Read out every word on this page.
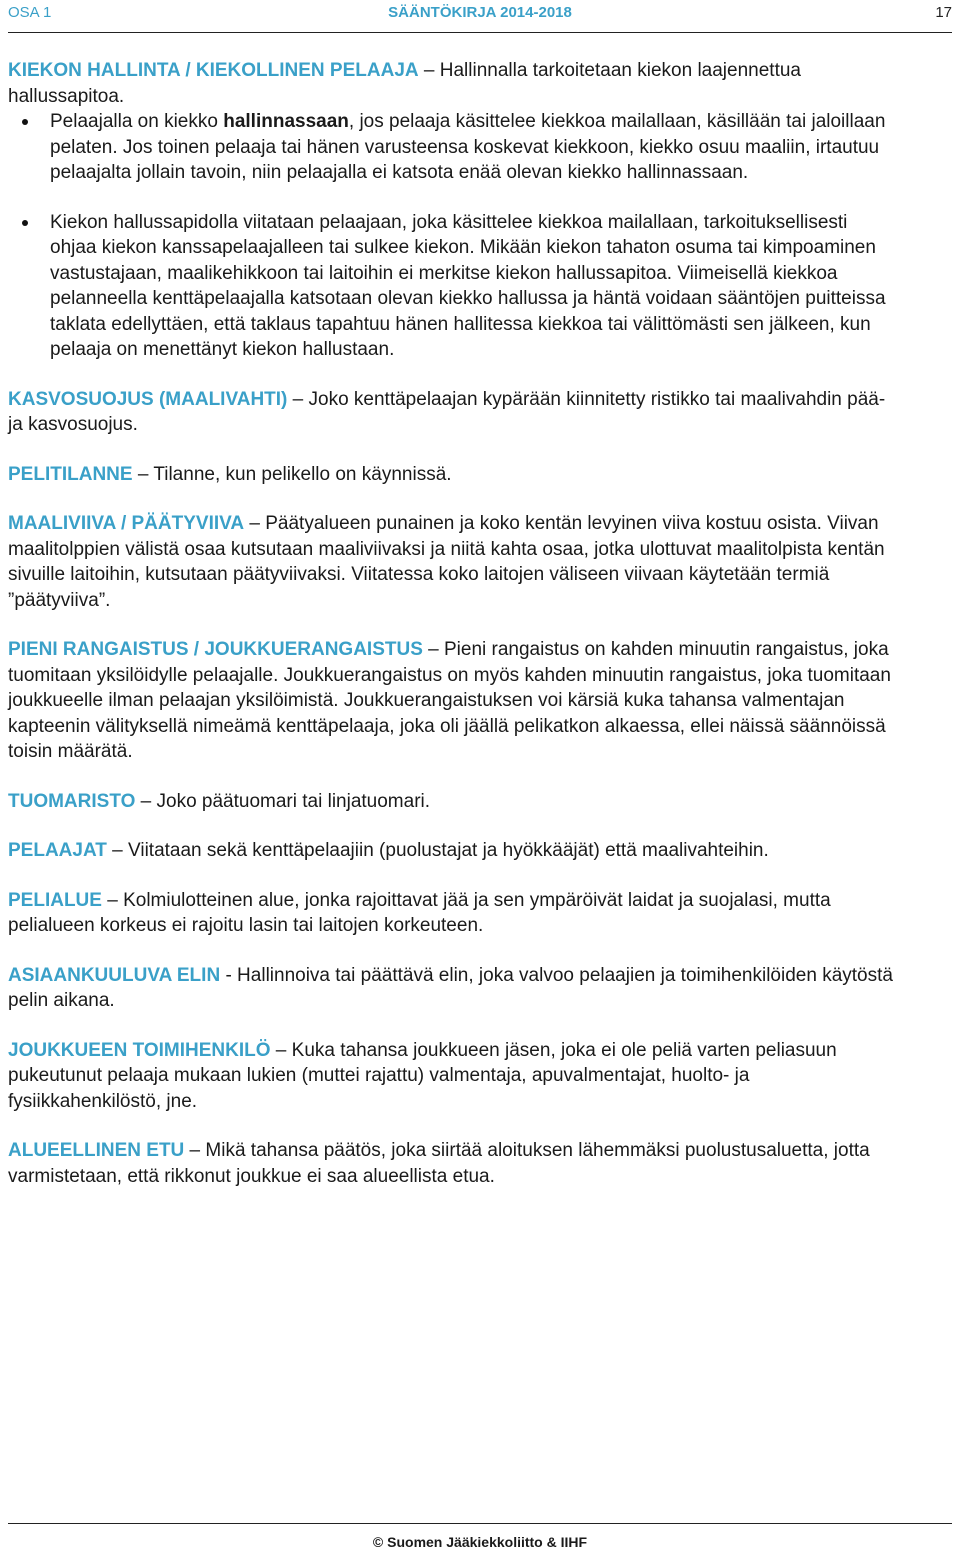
OSA 1	SÄÄNTÖKIRJA 2014-2018	17

KIEKON HALLINTA / KIEKOLLINEN PELAAJA – Hallinnalla tarkoitetaan kiekon laajennettua hallussapitoa.

Pelaajalla on kiekko hallinnassaan, jos pelaaja käsittelee kiekkoa mailallaan, käsillään tai jaloillaan pelaten. Jos toinen pelaaja tai hänen varusteensa koskevat kiekkoon, kiekko osuu maaliin, irtautuu pelaajalta jollain tavoin, niin pelaajalla ei katsota enää olevan kiekko hallinnassaan.
Kiekon hallussapidolla viitataan pelaajaan, joka käsittelee kiekkoa mailallaan, tarkoituksellisesti ohjaa kiekon kanssapelaajalleen tai sulkee kiekon. Mikään kiekon tahaton osuma tai kimpoaminen vastustajaan, maalikehikkoon tai laitoihin ei merkitse kiekon hallussapitoa. Viimeisellä kiekkoa pelanneella kenttäpelaajalla katsotaan olevan kiekko hallussa ja häntä voidaan sääntöjen puitteissa taklata edellyttäen, että taklaus tapahtuu hänen hallitessa kiekkoa tai välittömästi sen jälkeen, kun pelaaja on menettänyt kiekon hallustaan.

KASVOSUOJUS (MAALIVAHTI) – Joko kenttäpelaajan kypärään kiinnitetty ristikko tai maalivahdin pää- ja kasvosuojus.

PELITILANNE – Tilanne, kun pelikello on käynnissä.

MAALIVIIVA / PÄÄTYVIIVA – Päätyalueen punainen ja koko kentän levyinen viiva kostuu osista. Viivan maalitolppien välistä osaa kutsutaan maaliviivaksi ja niitä kahta osaa, jotka ulottuvat maalitolpista kentän sivuille laitoihin, kutsutaan päätyviivaksi. Viitatessa koko laitojen väliseen viivaan käytetään termiä ”päätyviiva”.

PIENI RANGAISTUS / JOUKKUERANGAISTUS – Pieni rangaistus on kahden minuutin rangaistus, joka tuomitaan yksilöidylle pelaajalle. Joukkuerangaistus on myös kahden minuutin rangaistus, joka tuomitaan joukkueelle ilman pelaajan yksilöimistä. Joukkuerangaistuksen voi kärsiä kuka tahansa valmentajan kapteenin välityksellä nimeämä kenttäpelaaja, joka oli jäällä pelikatkon alkaessa, ellei näissä säännöissä toisin määrätä.

TUOMARISTO – Joko päätuomari tai linjatuomari.

PELAAJAT – Viitataan sekä kenttäpelaajiin (puolustajat ja hyökkääjät) että maalivahteihin.

PELIALUE – Kolmiulotteinen alue, jonka rajoittavat jää ja sen ympäröivät laidat ja suojalasi, mutta pelialueen korkeus ei rajoitu lasin tai laitojen korkeuteen.

ASIAANKUULUVA ELIN - Hallinnoiva tai päättävä elin, joka valvoo pelaajien ja toimihenkilöiden käytöstä pelin aikana.

JOUKKUEEN TOIMIHENKILÖ – Kuka tahansa joukkueen jäsen, joka ei ole peliä varten peliasuun pukeutunut pelaaja mukaan lukien (muttei rajattu) valmentaja, apuvalmentajat, huolto- ja fysiikkahenkilöstö, jne.

ALUEELLINEN ETU – Mikä tahansa päätös, joka siirtää aloituksen lähemmäksi puolustusaluetta, jotta varmistetaan, että rikkonut joukkue ei saa alueellista etua.

© Suomen Jääkiekkoliitto & IIHF
